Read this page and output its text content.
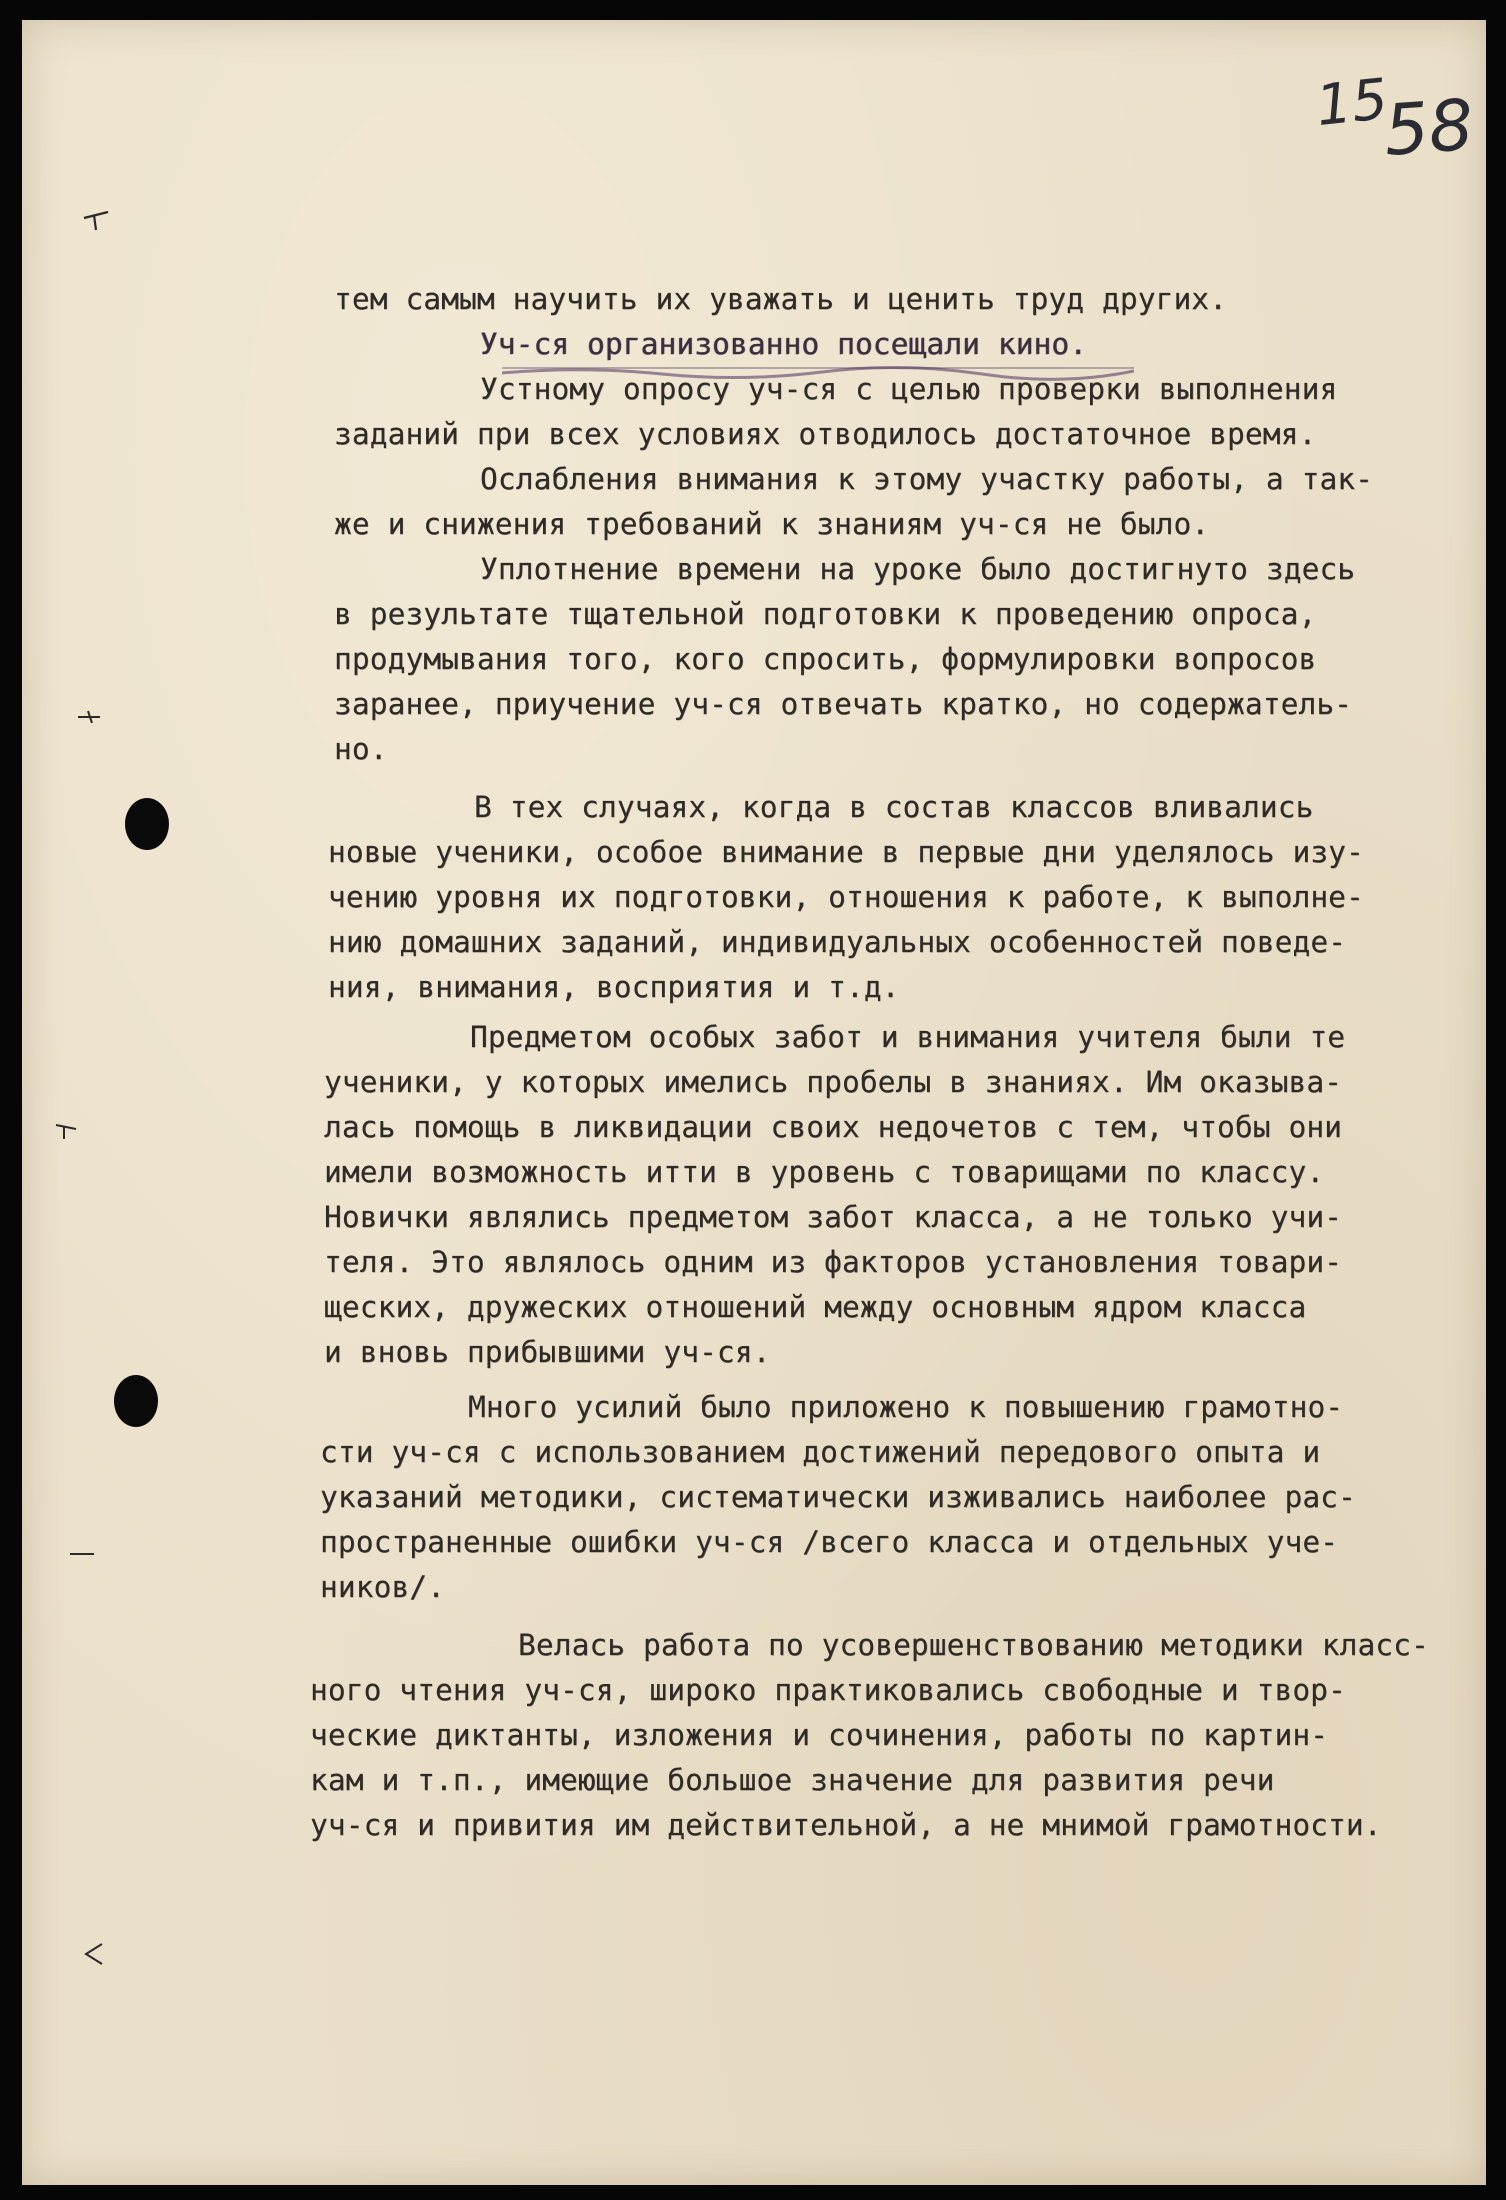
15
58
тем самым научить их уважать и ценить труд других.
Уч-ся организованно посещали кино.
Устному опросу уч-ся с целью проверки выполнения
заданий при всех условиях отводилось достаточное время.
Ослабления внимания к этому участку работы, а так-
же и снижения требований к знаниям уч-ся не было.
Уплотнение времени на уроке было достигнуто здесь
в результате тщательной подготовки к проведению опроса,
продумывания того, кого спросить, формулировки вопросов
заранее, приучение уч-ся отвечать кратко, но содержатель-
но.
В тех случаях, когда в состав классов вливались
новые ученики, особое внимание в первые дни уделялось изу-
чению уровня их подготовки, отношения к работе, к выполне-
нию домашних заданий, индивидуальных особенностей поведе-
ния, внимания, восприятия и т.д.
Предметом особых забот и внимания учителя были те
ученики, у которых имелись пробелы в знаниях. Им оказыва-
лась помощь в ликвидации своих недочетов с тем, чтобы они
имели возможность итти в уровень с товарищами по классу.
Новички являлись предметом забот класса, а не только учи-
теля. Это являлось одним из факторов установления товари-
щеских, дружеских отношений между основным ядром класса
и вновь прибывшими уч-ся.
Много усилий было приложено к повышению грамотно-
сти уч-ся с использованием достижений передового опыта и
указаний методики, систематически изживались наиболее рас-
пространенные ошибки уч-ся /всего класса и отдельных уче-
ников/.
Велась работа по усовершенствованию методики класс-
ного чтения уч-ся, широко практиковались свободные и твор-
ческие диктанты, изложения и сочинения, работы по картин-
кам и т.п., имеющие большое значение для развития речи
уч-ся и привития им действительной, а не мнимой грамотности.
